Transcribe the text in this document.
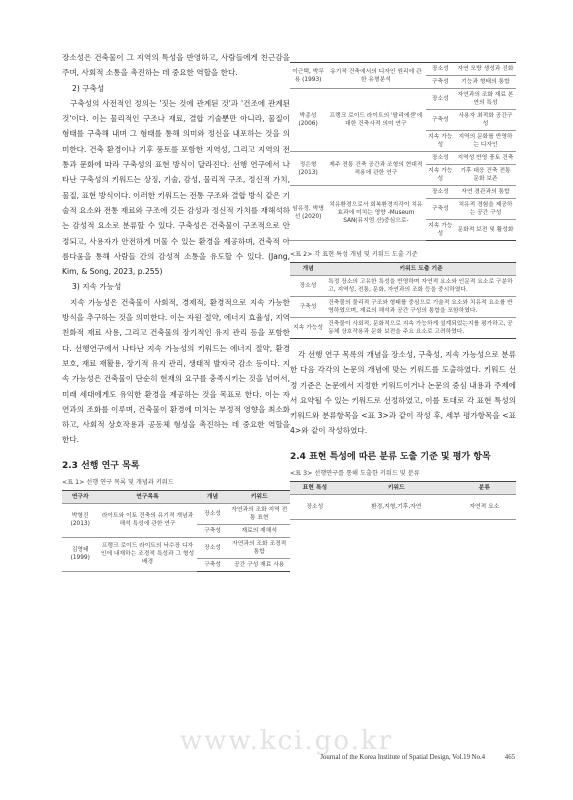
장소성은 건축물이 그 지역의 특성을 반영하고, 사람들에게 친근감을 주며, 사회적 소통을 촉진하는 데 중요한 역할을 한다.

2) 구축성

구축성의 사전적인 정의는 '짓는 것에 관계된 것'과 '건조에 관계된 것'이다. 이는 물리적인 구조나 재료, 결합 기술뿐만 아니라, 물질이 형태를 구축해 내며 그 형태를 통해 의미와 정신을 내포하는 것을 의미한다. 건축 환경이나 기후 풍토를 포함한 지역성, 그리고 지역의 전통과 문화에 따라 구축성의 표현 방식이 달라진다. 선행 연구에서 나타난 구축성의 키워드는 상징, 기술, 감성, 물리적 구조, 정신적 가치, 물질, 표현 방식이다. 이러한 키워드는 전통 구조와 결합 방식 같은 기술적 요소와 전통 재료와 구조에 깃든 감성과 정신적 가치를 재해석하는 감성적 요소로 분류할 수 있다. 구축성은 건축물이 구조적으로 안정되고, 사용자가 안전하게 머물 수 있는 환경을 제공하며, 건축적 아름다움을 통해 사람들 간의 감성적 소통을 유도할 수 있다. (Jang, Kim, & Song, 2023, p.255)

3) 지속 가능성

지속 가능성은 건축물이 사회적, 경제적, 환경적으로 지속 가능한 방식을 추구하는 것을 의미한다. 이는 자원 절약, 에너지 효율성, 지역 친화적 재료 사용, 그리고 건축물의 장기적인 유지 관리 등을 포함한다. 선행연구에서 나타난 지속 가능성의 키워드는 에너지 절약, 환경 보호, 재료 재활용, 장기적 유지 관리, 생태적 발자국 감소 등이다. 지속 가능성은 건축물이 단순히 현재의 요구를 충족시키는 것을 넘어서, 미래 세대에게도 유익한 환경을 제공하는 것을 목표로 한다. 이는 자연과의 조화를 이루며, 건축물이 환경에 미치는 부정적 영향을 최소화하고, 사회적 상호작용과 공동체 형성을 촉진하는 데 중요한 역할을 한다.

2.3 선행 연구 목록
<표 1> 선행 연구 목록 및 개념과 키워드
연구자	연구목록	개념	키워드
박형진 (2013)	라이트와 이토 건축의 유기적 개념과 해석 특성에 관한 연구	장소성	자연과의 조화 지역 전통 표현
		구축성	재료의 재해석
김영태 (1999)	프랭크 로이드 라이트의 낙수장 디자인에 내재하는 조경적 특성과 그 형성 배경	장소성	자연과의 조화 조경적 통합
		구축성	공간 구성 재료 사용
이근택, 박무용 (1993)	유기적 건축에서의 디자인 원리에 관한 유형분석	장소성	자연 모방 생성과 진화
		구축성	기능과 형태의 통합
박종성 (2006)	프랭크 로이드 라이트의 '탈리에센'에 대한 건축사적 의미 연구	장소성	자연과의 조화 재료 본연의 특성
		구축성	사용자 최적화 공간구성
		지속 가능성	지역의 문화를 반영하는 디자인
정은형 (2013)	제주 전통 건축 공간과 조형의 현대적 적용에 관한 연구	장소성	지역성 반영 풍토 건축
		지속 가능성	기후 대응 건축 전통 문화 보존
임유정, 박명선 (2020)	치유환경으로서 회복환경지각이 치유효과에 미치는 영향 -Museum SAN(뮤지엄 산)중심으로-	장소성	자연 경관과의 통합
		구축성	치유적 경험을 제공하는 공간 구성
		지속 가능성	문화적 보전 및 활성화
<표 2> 각 표현 특성 개념 및 키워드 도출 기준
개념	키워드 도출 기준
장소성	특정 장소의 고유한 특성을 반영하며 자연적 요소와 인문적 요소로 구분하고, 지역성, 전통, 문화, 자연과의 조화 등을 중시하였다.
구축성	건축물의 물리적 구조와 형태를 중심으로 기술적 요소와 치유적 요소를 반영하였으며, 재료의 해석과 공간 구성의 통합을 포함하였다.
지속 가능성	건축물이 사회적, 문화적으로 지속 가능하게 설계되었는지를 평가하고, 공동체 상호작용과 문화 보전을 주요 요소로 고려하였다.

각 선행 연구 목록의 개념을 장소성, 구축성, 지속 가능성으로 분류한 다음 각각의 논문의 개념에 맞는 키워드를 도출하였다. 키워드 선정 기준은 논문에서 지정한 키워드이거나 논문의 중심 내용과 주제에서 요약될 수 있는 키워드로 선정하였고, 이를 토대로 각 표현 특성의 키워드와 분류항목을 <표 3>과 같이 작성 후, 세부 평가항목을 <표 4>와 같이 작성하였다.

2.4 표현 특성에 따른 분류 도출 기준 및 평가 항목
<표 3> 선행연구를 통해 도출한 키워드 및 분류
표현 특성	키워드	분류
장소성	환경,지형,기후,자연	자연적 요소
www.kci.go.kr
Journal of the Korea Institute of Spatial Design, Vol.19 No.4	465
